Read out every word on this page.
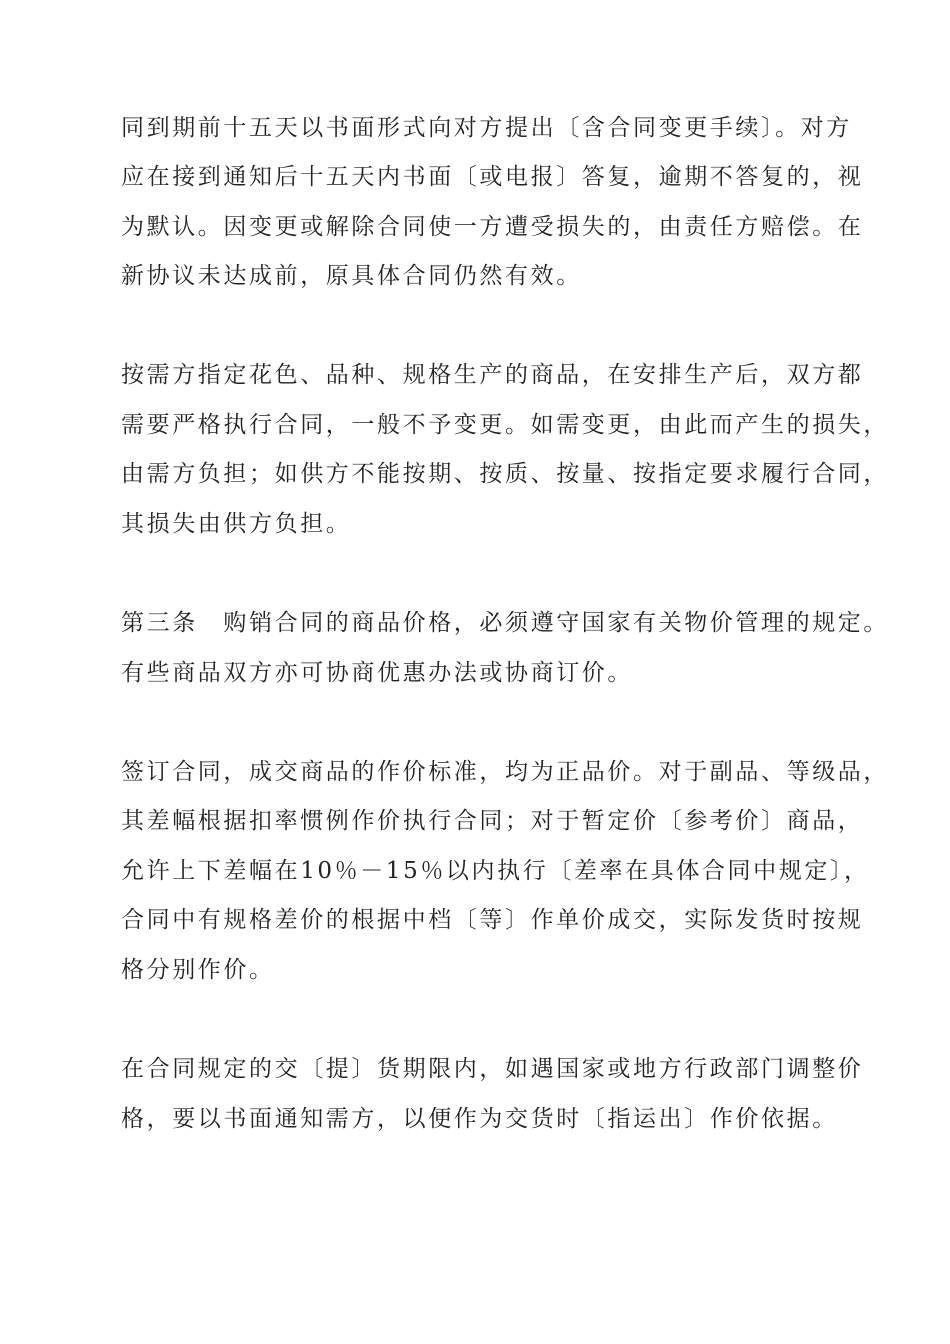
同到期前十五天以书面形式向对方提出〔含合同变更手续〕。对方
应在接到通知后十五天内书面〔或电报〕答复，逾期不答复的，视
为默认。因变更或解除合同使一方遭受损失的，由责任方赔偿。在
新协议未达成前，原具体合同仍然有效。
按需方指定花色、品种、规格生产的商品，在安排生产后，双方都
需要严格执行合同，一般不予变更。如需变更，由此而产生的损失，
由需方负担；如供方不能按期、按质、按量、按指定要求履行合同，
其损失由供方负担。
第三条　购销合同的商品价格，必须遵守国家有关物价管理的规定。
有些商品双方亦可协商优惠办法或协商订价。
签订合同，成交商品的作价标准，均为正品价。对于副品、等级品，
其差幅根据扣率惯例作价执行合同；对于暂定价〔参考价〕商品，
允许上下差幅在10％－15％以内执行〔差率在具体合同中规定〕，
合同中有规格差价的根据中档〔等〕作单价成交，实际发货时按规
格分别作价。
在合同规定的交〔提〕货期限内，如遇国家或地方行政部门调整价
格，要以书面通知需方，以便作为交货时〔指运出〕作价依据。
